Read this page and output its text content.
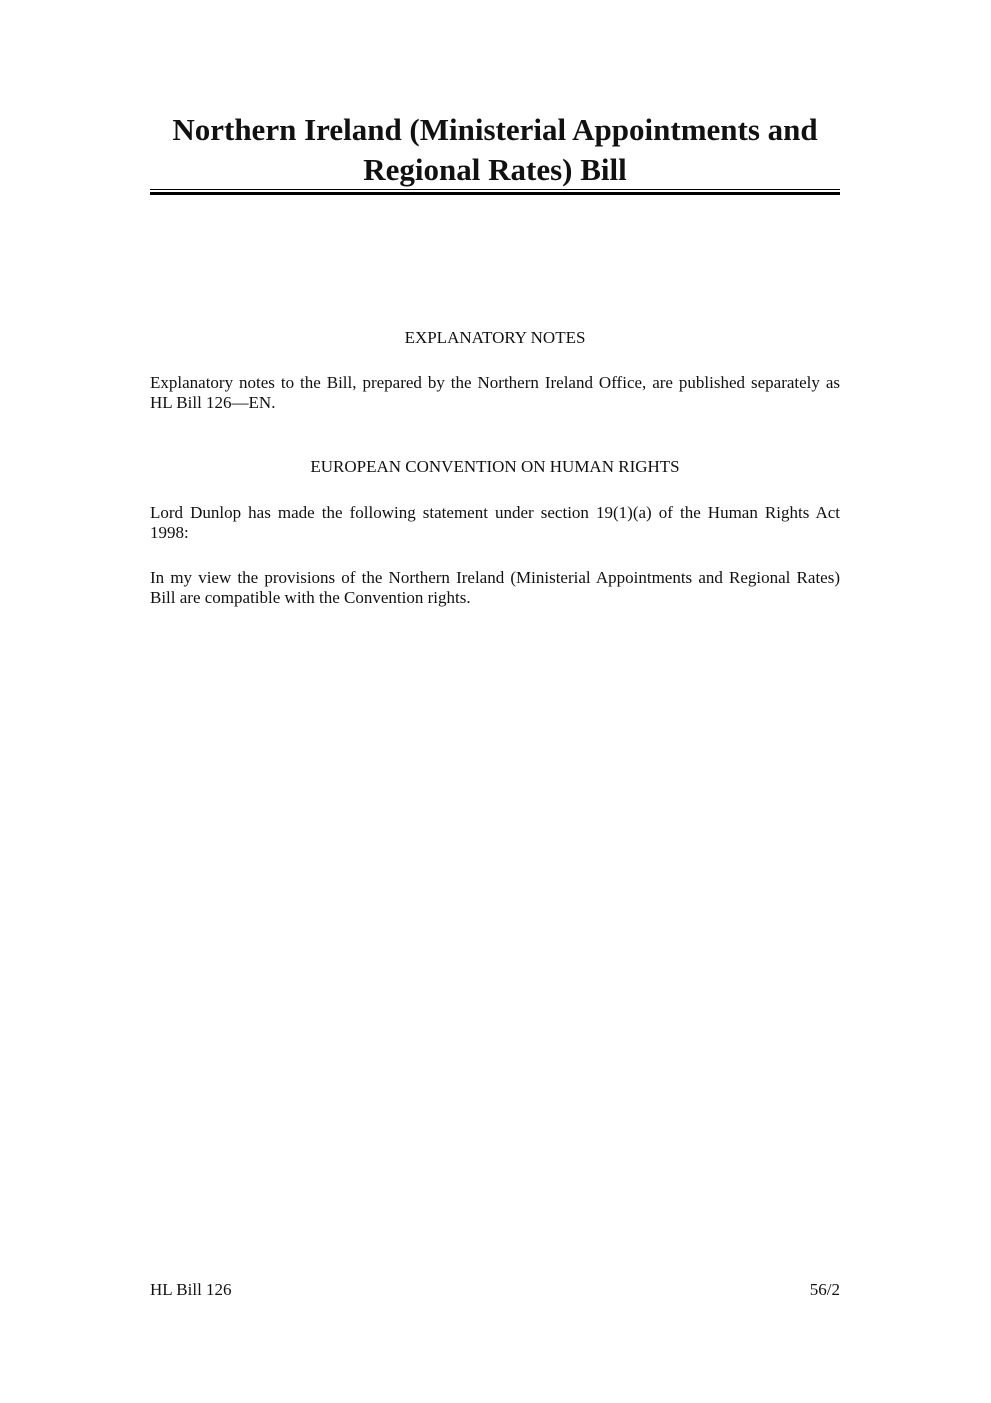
Northern Ireland (Ministerial Appointments and Regional Rates) Bill
EXPLANATORY NOTES

Explanatory notes to the Bill, prepared by the Northern Ireland Office, are published separately as HL Bill 126—EN.

EUROPEAN CONVENTION ON HUMAN RIGHTS

Lord Dunlop has made the following statement under section 19(1)(a) of the Human Rights Act 1998:

In my view the provisions of the Northern Ireland (Ministerial Appointments and Regional Rates) Bill are compatible with the Convention rights.

HL Bill 126	56/2
